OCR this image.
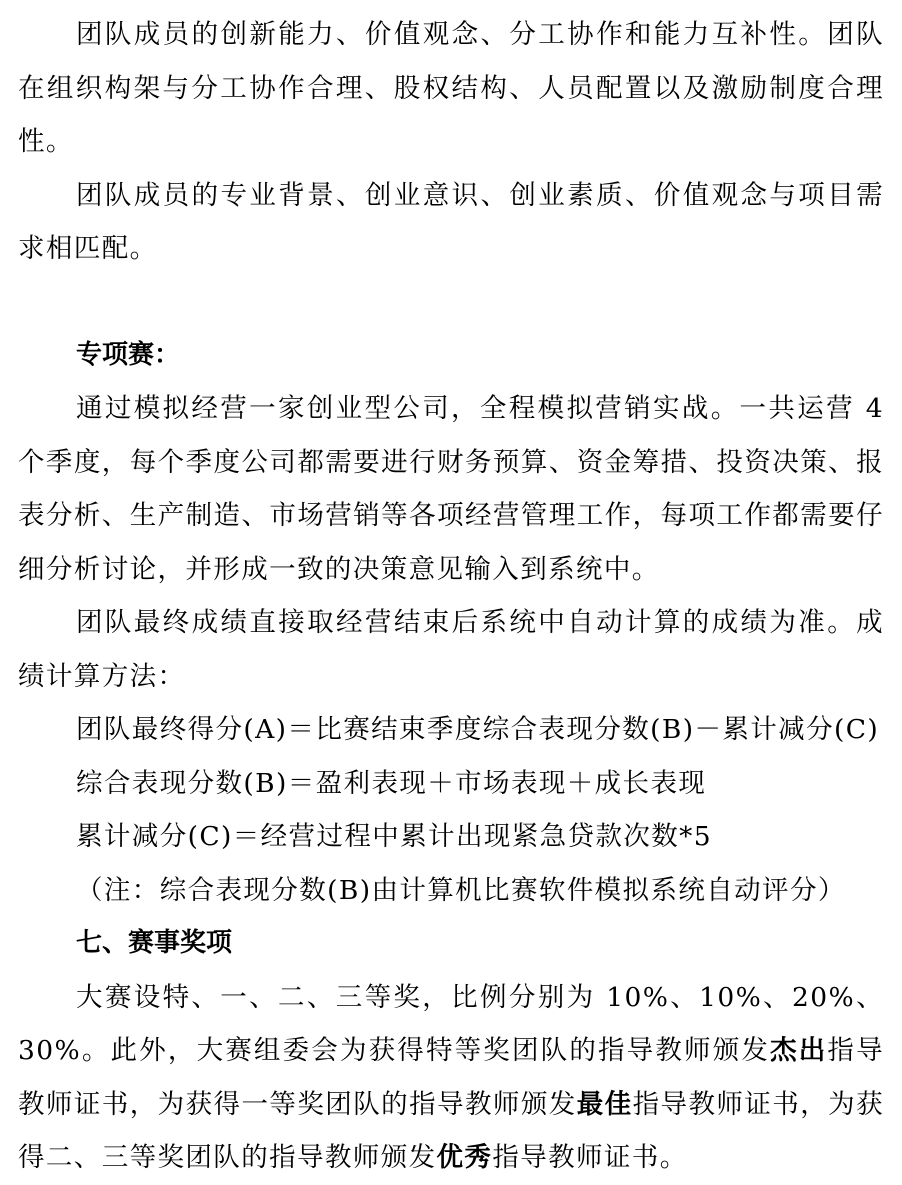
团队成员的创新能力、价值观念、分工协作和能力互补性。团队在组织构架与分工协作合理、股权结构、人员配置以及激励制度合理性。

团队成员的专业背景、创业意识、创业素质、价值观念与项目需求相匹配。

专项赛：

通过模拟经营一家创业型公司，全程模拟营销实战。一共运营 4 个季度，每个季度公司都需要进行财务预算、资金筹措、投资决策、报表分析、生产制造、市场营销等各项经营管理工作，每项工作都需要仔细分析讨论，并形成一致的决策意见输入到系统中。

团队最终成绩直接取经营结束后系统中自动计算的成绩为准。成绩计算方法：

团队最终得分(A)＝比赛结束季度综合表现分数(B)－累计减分(C)

综合表现分数(B)＝盈利表现＋市场表现＋成长表现

累计减分(C)＝经营过程中累计出现紧急贷款次数*5

（注：综合表现分数(B)由计算机比赛软件模拟系统自动评分）

七、赛事奖项

大赛设特、一、二、三等奖，比例分别为 10%、10%、20%、30%。此外，大赛组委会为获得特等奖团队的指导教师颁发杰出指导教师证书，为获得一等奖团队的指导教师颁发最佳指导教师证书，为获得二、三等奖团队的指导教师颁发优秀指导教师证书。
